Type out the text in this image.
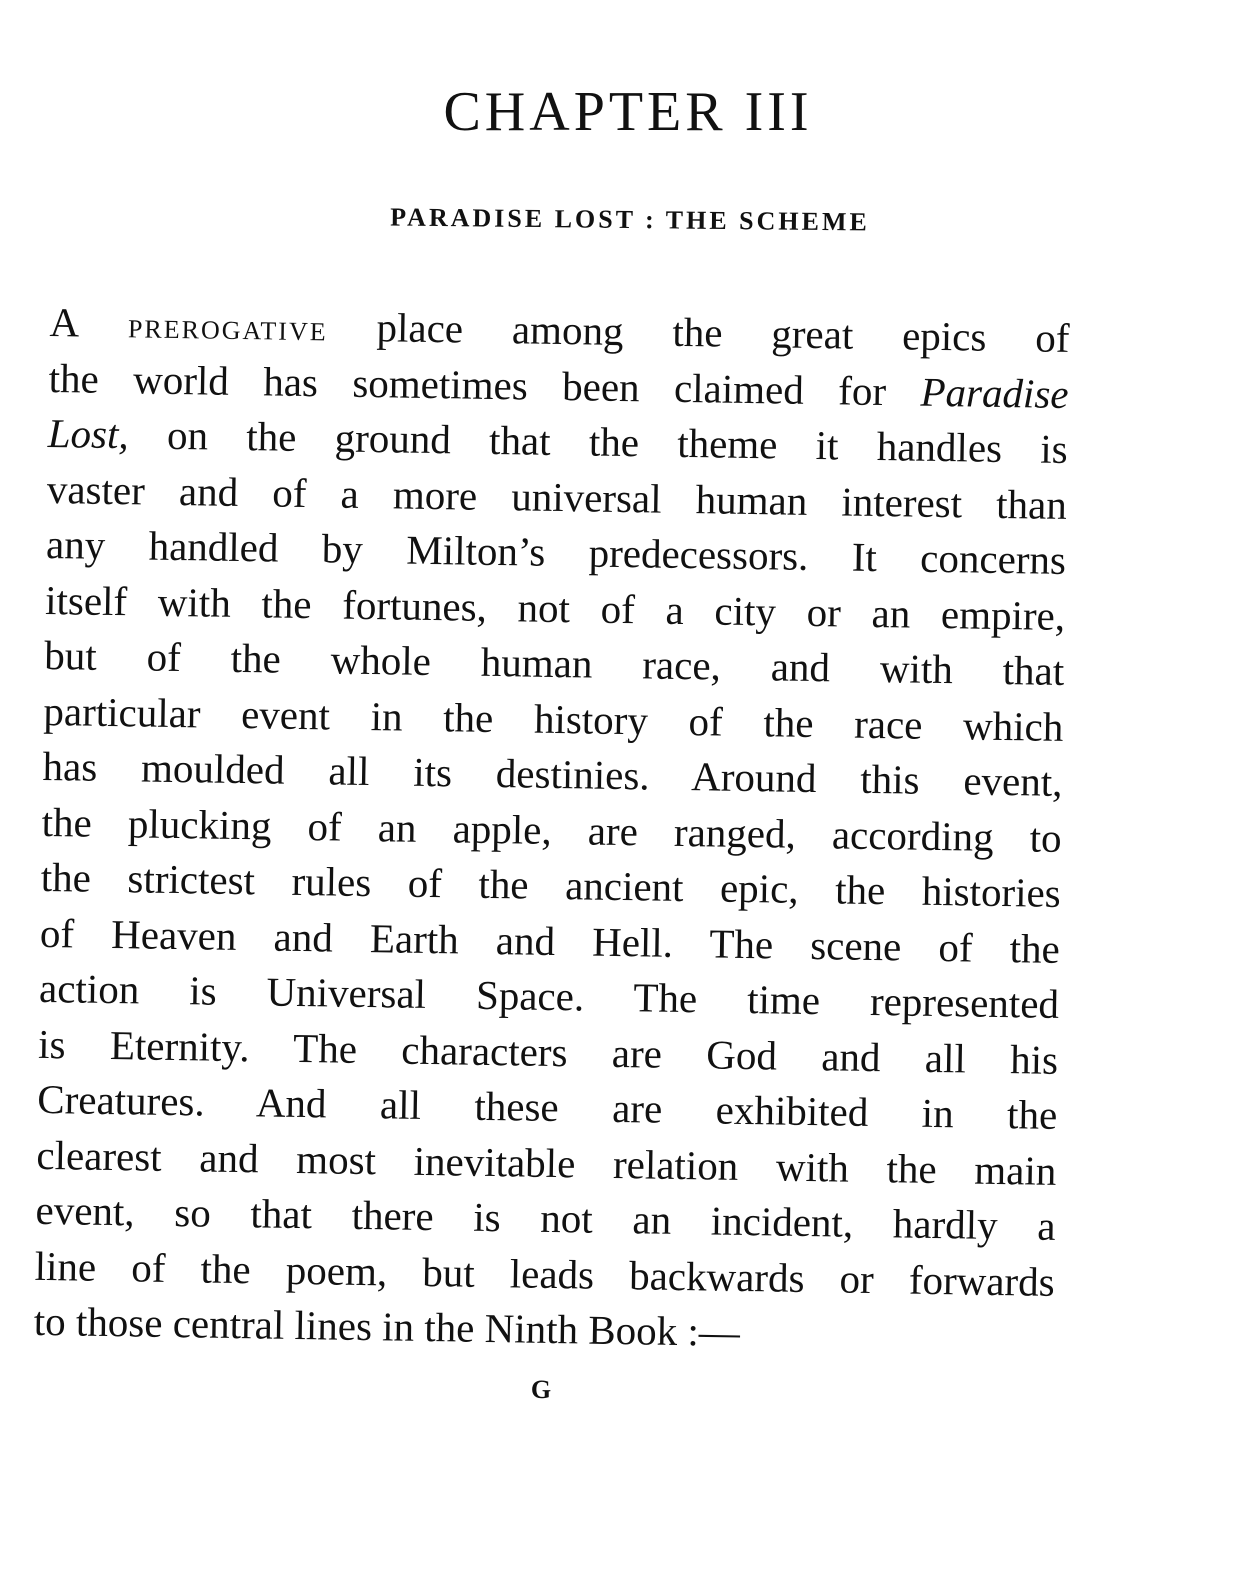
CHAPTER III
PARADISE LOST : THE SCHEME
A PREROGATIVE place among the great epics of
the world has sometimes been claimed for Paradise
Lost, on the ground that the theme it handles is
vaster and of a more universal human interest than
any handled by Milton’s predecessors. It concerns
itself with the fortunes, not of a city or an empire,
but of the whole human race, and with that
particular event in the history of the race which
has moulded all its destinies. Around this event,
the plucking of an apple, are ranged, according to
the strictest rules of the ancient epic, the histories
of Heaven and Earth and Hell. The scene of the
action is Universal Space. The time represented
is Eternity. The characters are God and all his
Creatures. And all these are exhibited in the
clearest and most inevitable relation with the main
event, so that there is not an incident, hardly a
line of the poem, but leads backwards or forwards
to those central lines in the Ninth Book :—
G
